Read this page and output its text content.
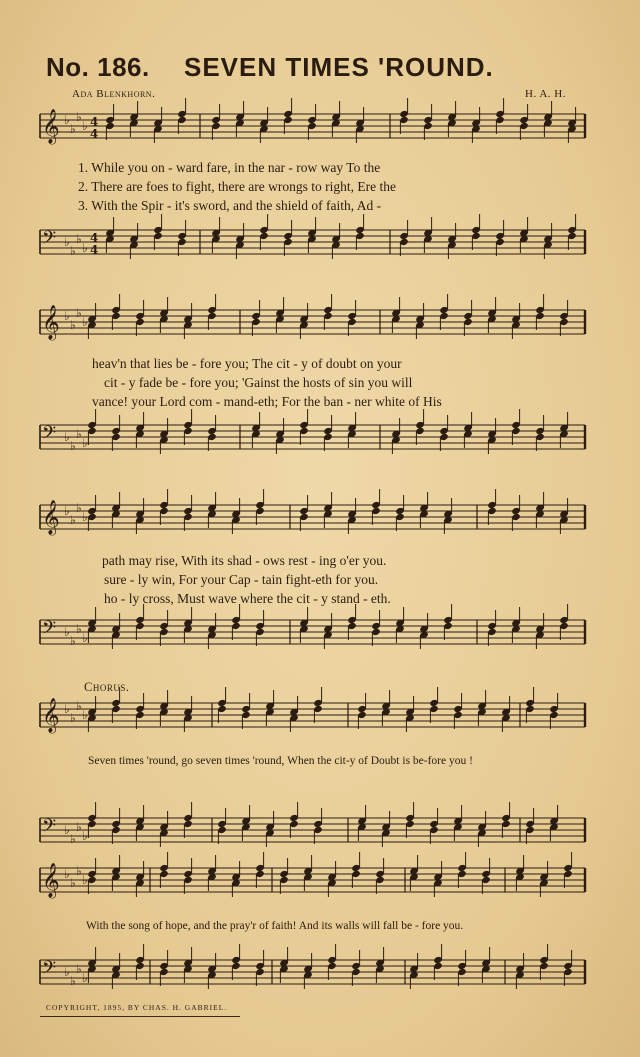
No. 186. SEVEN TIMES 'ROUND.
Ada Blenkhorn.	H. A. H.
𝄞 ♭
♭
♭
♭ 4
4
𝄢 ♭
♭
♭
♭
4
4
𝄞 ♭
♭
♭
♭
𝄢 ♭
♭
♭
♭
𝄞 ♭
♭
♭
♭
𝄢 ♭
♭
♭
♭
𝄞 ♭
♭
♭
♭
𝄢 ♭
♭
♭
♭
𝄞 ♭
♭
♭
♭
𝄢 ♭
♭
♭
♭
1. While you on - ward fare, in the nar - row way To the
2. There are foes to fight, there are wrongs to right, Ere the
3. With the Spir - it's sword, and the shield of faith, Ad -
heav'n that lies be - fore you; The cit - y of doubt on your
cit - y fade be - fore you; 'Gainst the hosts of sin you will
vance! your Lord com - mand-eth; For the ban - ner white of His
path may rise, With its shad - ows rest - ing o'er you.
sure - ly win, For your Cap - tain fight-eth for you.
ho - ly cross, Must wave where the cit - y stand - eth.
Chorus.
Seven times 'round, go seven times 'round, When the cit-y of Doubt is be-fore you !
With the song of hope, and the pray'r of faith! And its walls will fall be - fore you.
COPYRIGHT, 1895, BY CHAS. H. GABRIEL.
